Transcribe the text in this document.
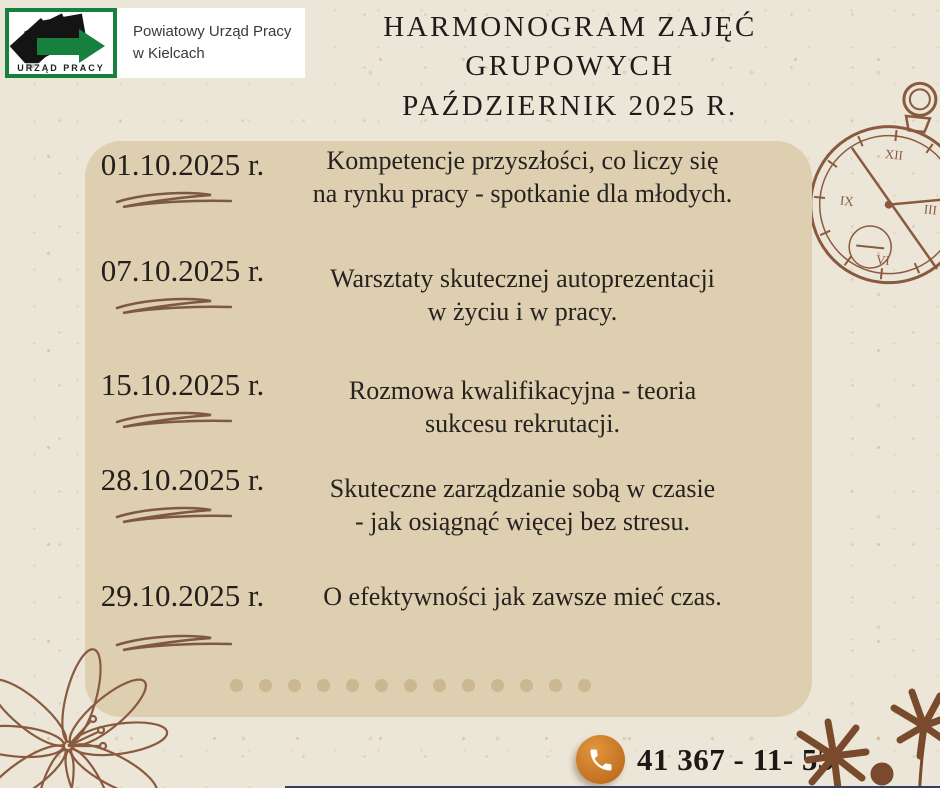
URZĄD PRACY
Powiatowy Urząd Pracy
w Kielcach
HARMONOGRAM ZAJĘĆ
GRUPOWYCH
PAŹDZIERNIK 2025 R.
XII
III
VI
IX
01.10.2025 r.	Kompetencje przyszłości, co liczy się
na rynku pracy - spotkanie dla młodych.
07.10.2025 r.	Warsztaty skutecznej autoprezentacji
w życiu i w pracy.
15.10.2025 r.	Rozmowa kwalifikacyjna - teoria
sukcesu rekrutacji.
28.10.2025 r.	Skuteczne zarządzanie sobą w czasie
- jak osiągnąć więcej bez stresu.
29.10.2025 r.	O efektywności jak zawsze mieć czas.
41 367 - 11- 53
